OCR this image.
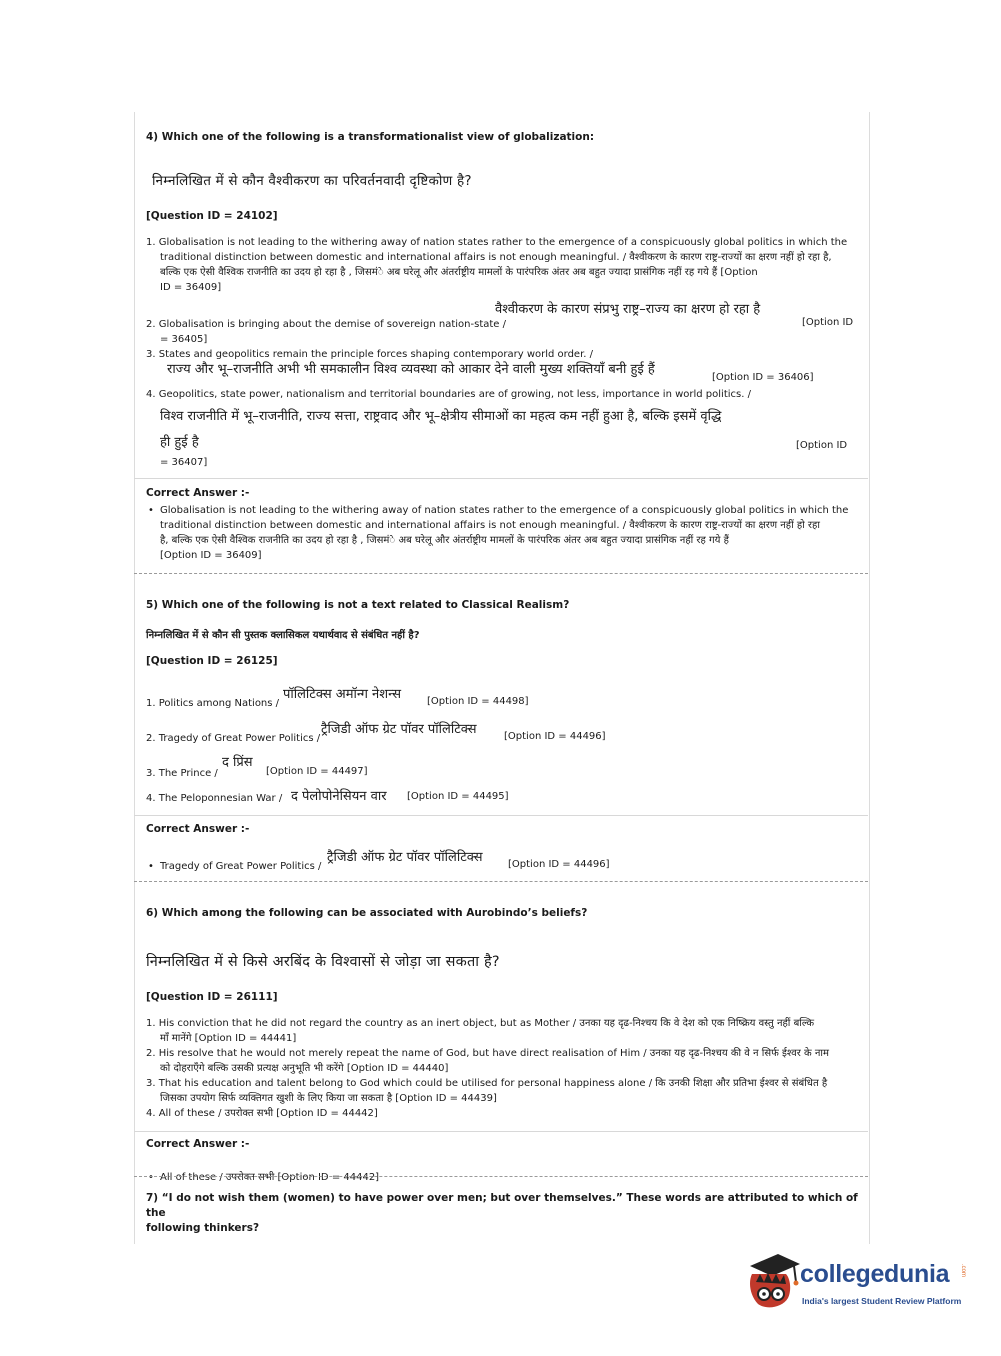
4) Which one of the following is a transformationalist view of globalization:
निम्नलिखित में से कौन वैश्वीकरण का परिवर्तनवादी दृष्टिकोण है?
[Question ID = 24102]
1. Globalisation is not leading to the withering away of nation states rather to the emergence of a conspicuously global politics in which the
traditional distinction between domestic and international affairs is not enough meaningful. / वैश्वीकरण के कारण राष्ट्र-राज्यों का क्षरण नहीं हो रहा है,
बल्कि एक ऐसी वैश्विक राजनीति का उदय हो रहा है , जिसमंे अब घरेलू और अंतर्राष्ट्रीय मामलों के पारंपरिक अंतर अब बहुत ज्यादा प्रासंगिक नहीं रह गये हैं [Option
ID = 36409]
वैश्वीकरण के कारण संप्रभु राष्ट्र–राज्य का क्षरण हो रहा है
2. Globalisation is bringing about the demise of sovereign nation-state /	[Option ID
= 36405]
3. States and geopolitics remain the principle forces shaping contemporary world order. /
राज्य और भू–राजनीति अभी भी समकालीन विश्व व्यवस्था को आकार देने वाली मुख्य शक्तियाँ बनी हुई हैं
[Option ID = 36406]
4. Geopolitics, state power, nationalism and territorial boundaries are of growing, not less, importance in world politics. /
विश्व राजनीति में भू–राजनीति, राज्य सत्ता, राष्ट्रवाद और भू–क्षेत्रीय सीमाओं का महत्व कम नहीं हुआ है, बल्कि इसमें वृद्धि
ही हुई है	[Option ID
= 36407]
Correct Answer :-
• Globalisation is not leading to the withering away of nation states rather to the emergence of a conspicuously global politics in which the
traditional distinction between domestic and international affairs is not enough meaningful. / वैश्वीकरण के कारण राष्ट्र-राज्यों का क्षरण नहीं हो रहा
है, बल्कि एक ऐसी वैश्विक राजनीति का उदय हो रहा है , जिसमंे अब घरेलू और अंतर्राष्ट्रीय मामलों के पारंपरिक अंतर अब बहुत ज्यादा प्रासंगिक नहीं रह गये हैं
[Option ID = 36409]
5) Which one of the following is not a text related to Classical Realism?
निम्नलिखित में से कौन सी पुस्तक क्लासिकल यथार्थवाद से संबंधित नहीं है?
[Question ID = 26125]
पॉलिटिक्स अमॉन्ग नेशन्स
1. Politics among Nations /	[Option ID = 44498]
ट्रैजिडी ऑफ ग्रेट पॉवर पॉलिटिक्स
2. Tragedy of Great Power Politics /	[Option ID = 44496]
द प्रिंस
3. The Prince /	[Option ID = 44497]
द पेलोपोनेसियन वार
4. The Peloponnesian War /	[Option ID = 44495]
Correct Answer :-
ट्रैजिडी ऑफ ग्रेट पॉवर पॉलिटिक्स
• Tragedy of Great Power Politics /	[Option ID = 44496]
6) Which among the following can be associated with Aurobindo’s beliefs?
निम्नलिखित में से किसे अरबिंद के विश्वासों से जोड़ा जा सकता है?
[Question ID = 26111]
1. His conviction that he did not regard the country as an inert object, but as Mother / उनका यह दृढ-निश्चय कि वे देश को एक निष्क्रिय वस्तु नहीं बल्कि
माँ मानेंगे [Option ID = 44441]
2. His resolve that he would not merely repeat the name of God, but have direct realisation of Him / उनका यह दृढ-निश्चय की वे न सिर्फ ईश्वर के नाम
को दोहराएँगे बल्कि उसकी प्रत्यक्ष अनुभूति भी करेंगे [Option ID = 44440]
3. That his education and talent belong to God which could be utilised for personal happiness alone / कि उनकी शिक्षा और प्रतिभा ईश्वर से संबंधित है
जिसका उपयोग सिर्फ व्यक्तिगत खुशी के लिए किया जा सकता है [Option ID = 44439]
4. All of these / उपरोक्त सभी [Option ID = 44442]
Correct Answer :-
• All of these / उपरोक्त सभी [Option ID = 44442]
7) “I do not wish them (women) to have power over men; but over themselves.” These words are attributed to which of the
following thinkers?
collegedunia .com
India's largest Student Review Platform
